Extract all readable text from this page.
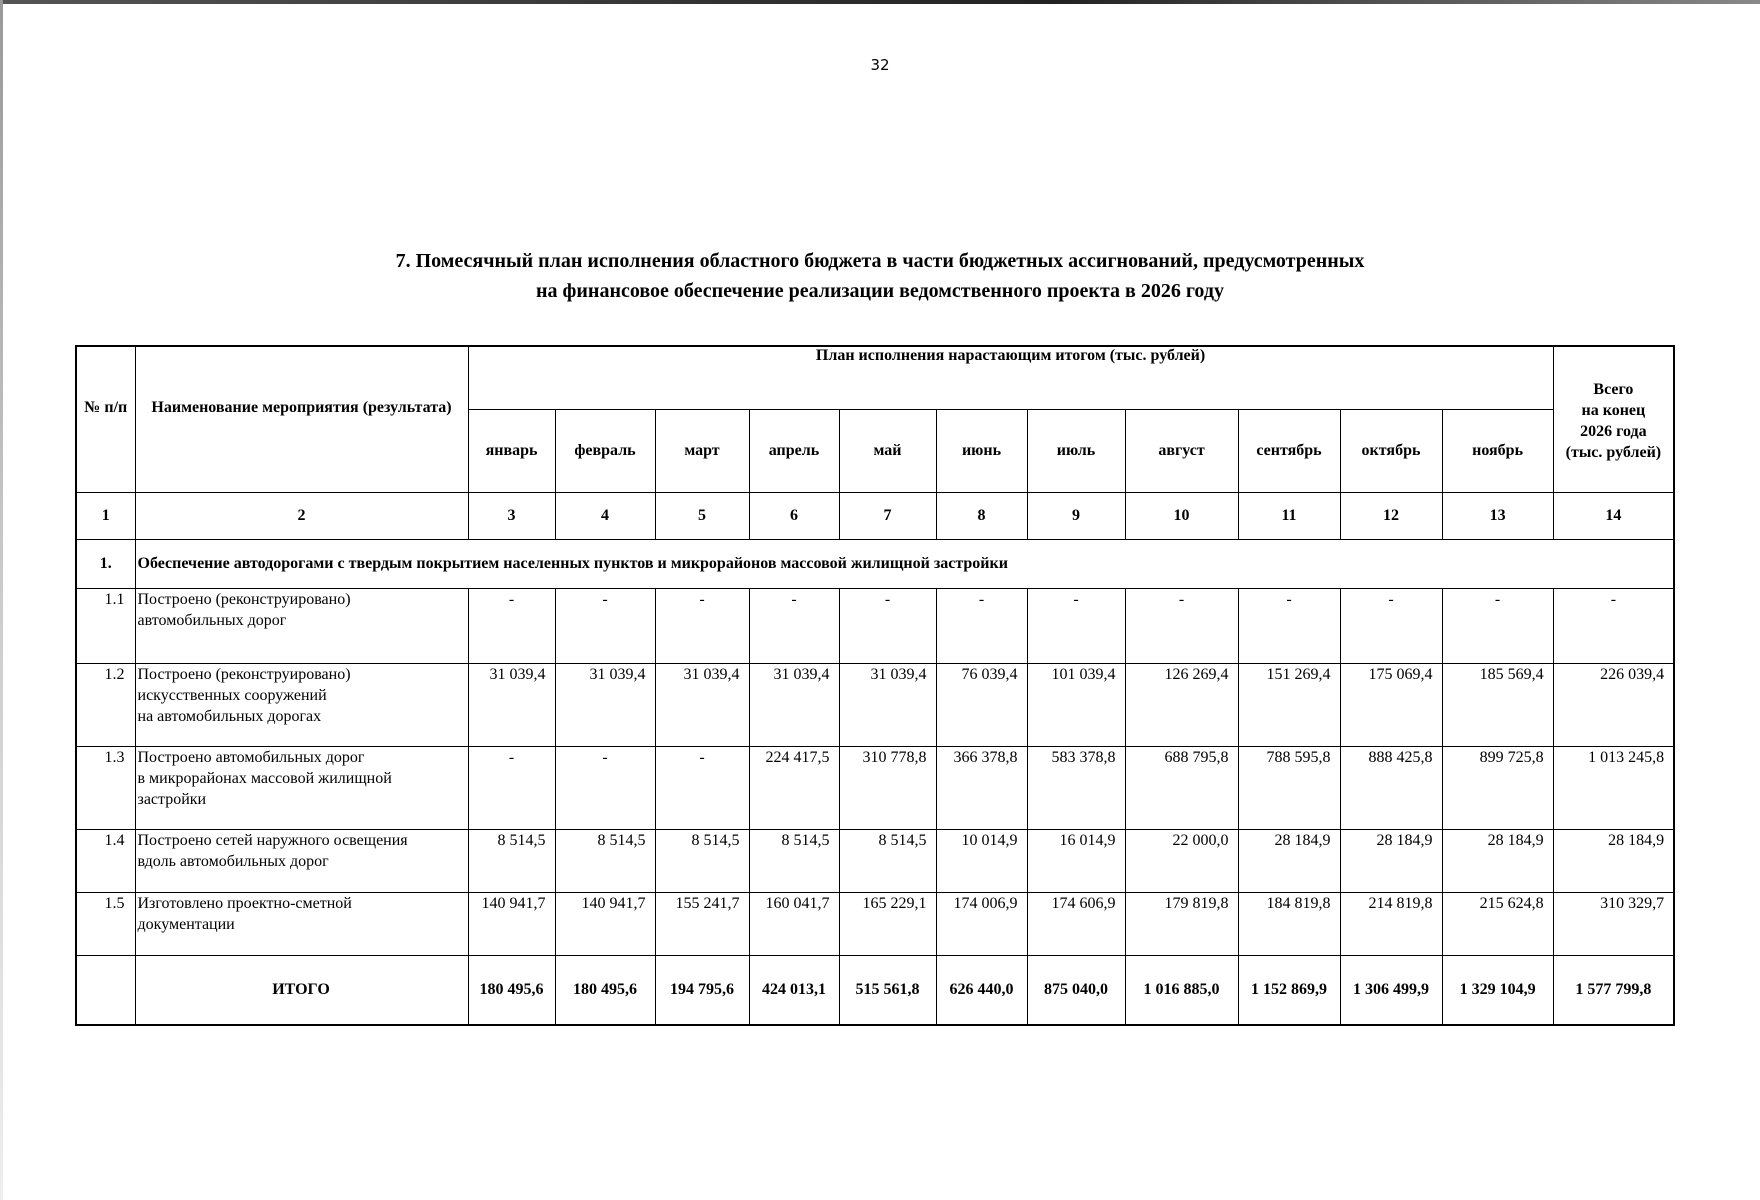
32
7. Помесячный план исполнения областного бюджета в части бюджетных ассигнований, предусмотренных
на финансовое обеспечение реализации ведомственного проекта в 2026 году
№ п/п	Наименование мероприятия (результата)	План исполнения нарастающим итогом (тыс. рублей)											Всего
на конец
2026 года
(тыс. рублей)

		январь	февраль	март	апрель	май	июнь	июль	август	сентябрь	октябрь	ноябрь	
1	2	3	4	5	6	7	8	9	10	11	12	13	14
1.	Обеспечение автодорогами с твердым покрытием населенных пунктов и микрорайонов массовой жилищной застройки												
1.1	Построено (реконструировано)
автомобильных дорог	-	-	-	-	-	-	-	-	-	-	-	-
1.2	Построено (реконструировано)
искусственных сооружений
на автомобильных дорогах	31 039,4	31 039,4	31 039,4	31 039,4	31 039,4	76 039,4	101 039,4	126 269,4	151 269,4	175 069,4	185 569,4	226 039,4
1.3	Построено автомобильных дорог
в микрорайонах массовой жилищной
застройки	-	-	-	224 417,5	310 778,8	366 378,8	583 378,8	688 795,8	788 595,8	888 425,8	899 725,8	1 013 245,8
1.4	Построено сетей наружного освещения
вдоль автомобильных дорог	8 514,5	8 514,5	8 514,5	8 514,5	8 514,5	10 014,9	16 014,9	22 000,0	28 184,9	28 184,9	28 184,9	28 184,9
1.5	Изготовлено проектно-сметной
документации	140 941,7	140 941,7	155 241,7	160 041,7	165 229,1	174 006,9	174 606,9	179 819,8	184 819,8	214 819,8	215 624,8	310 329,7
	ИТОГО	180 495,6	180 495,6	194 795,6	424 013,1	515 561,8	626 440,0	875 040,0	1 016 885,0	1 152 869,9	1 306 499,9	1 329 104,9	1 577 799,8
